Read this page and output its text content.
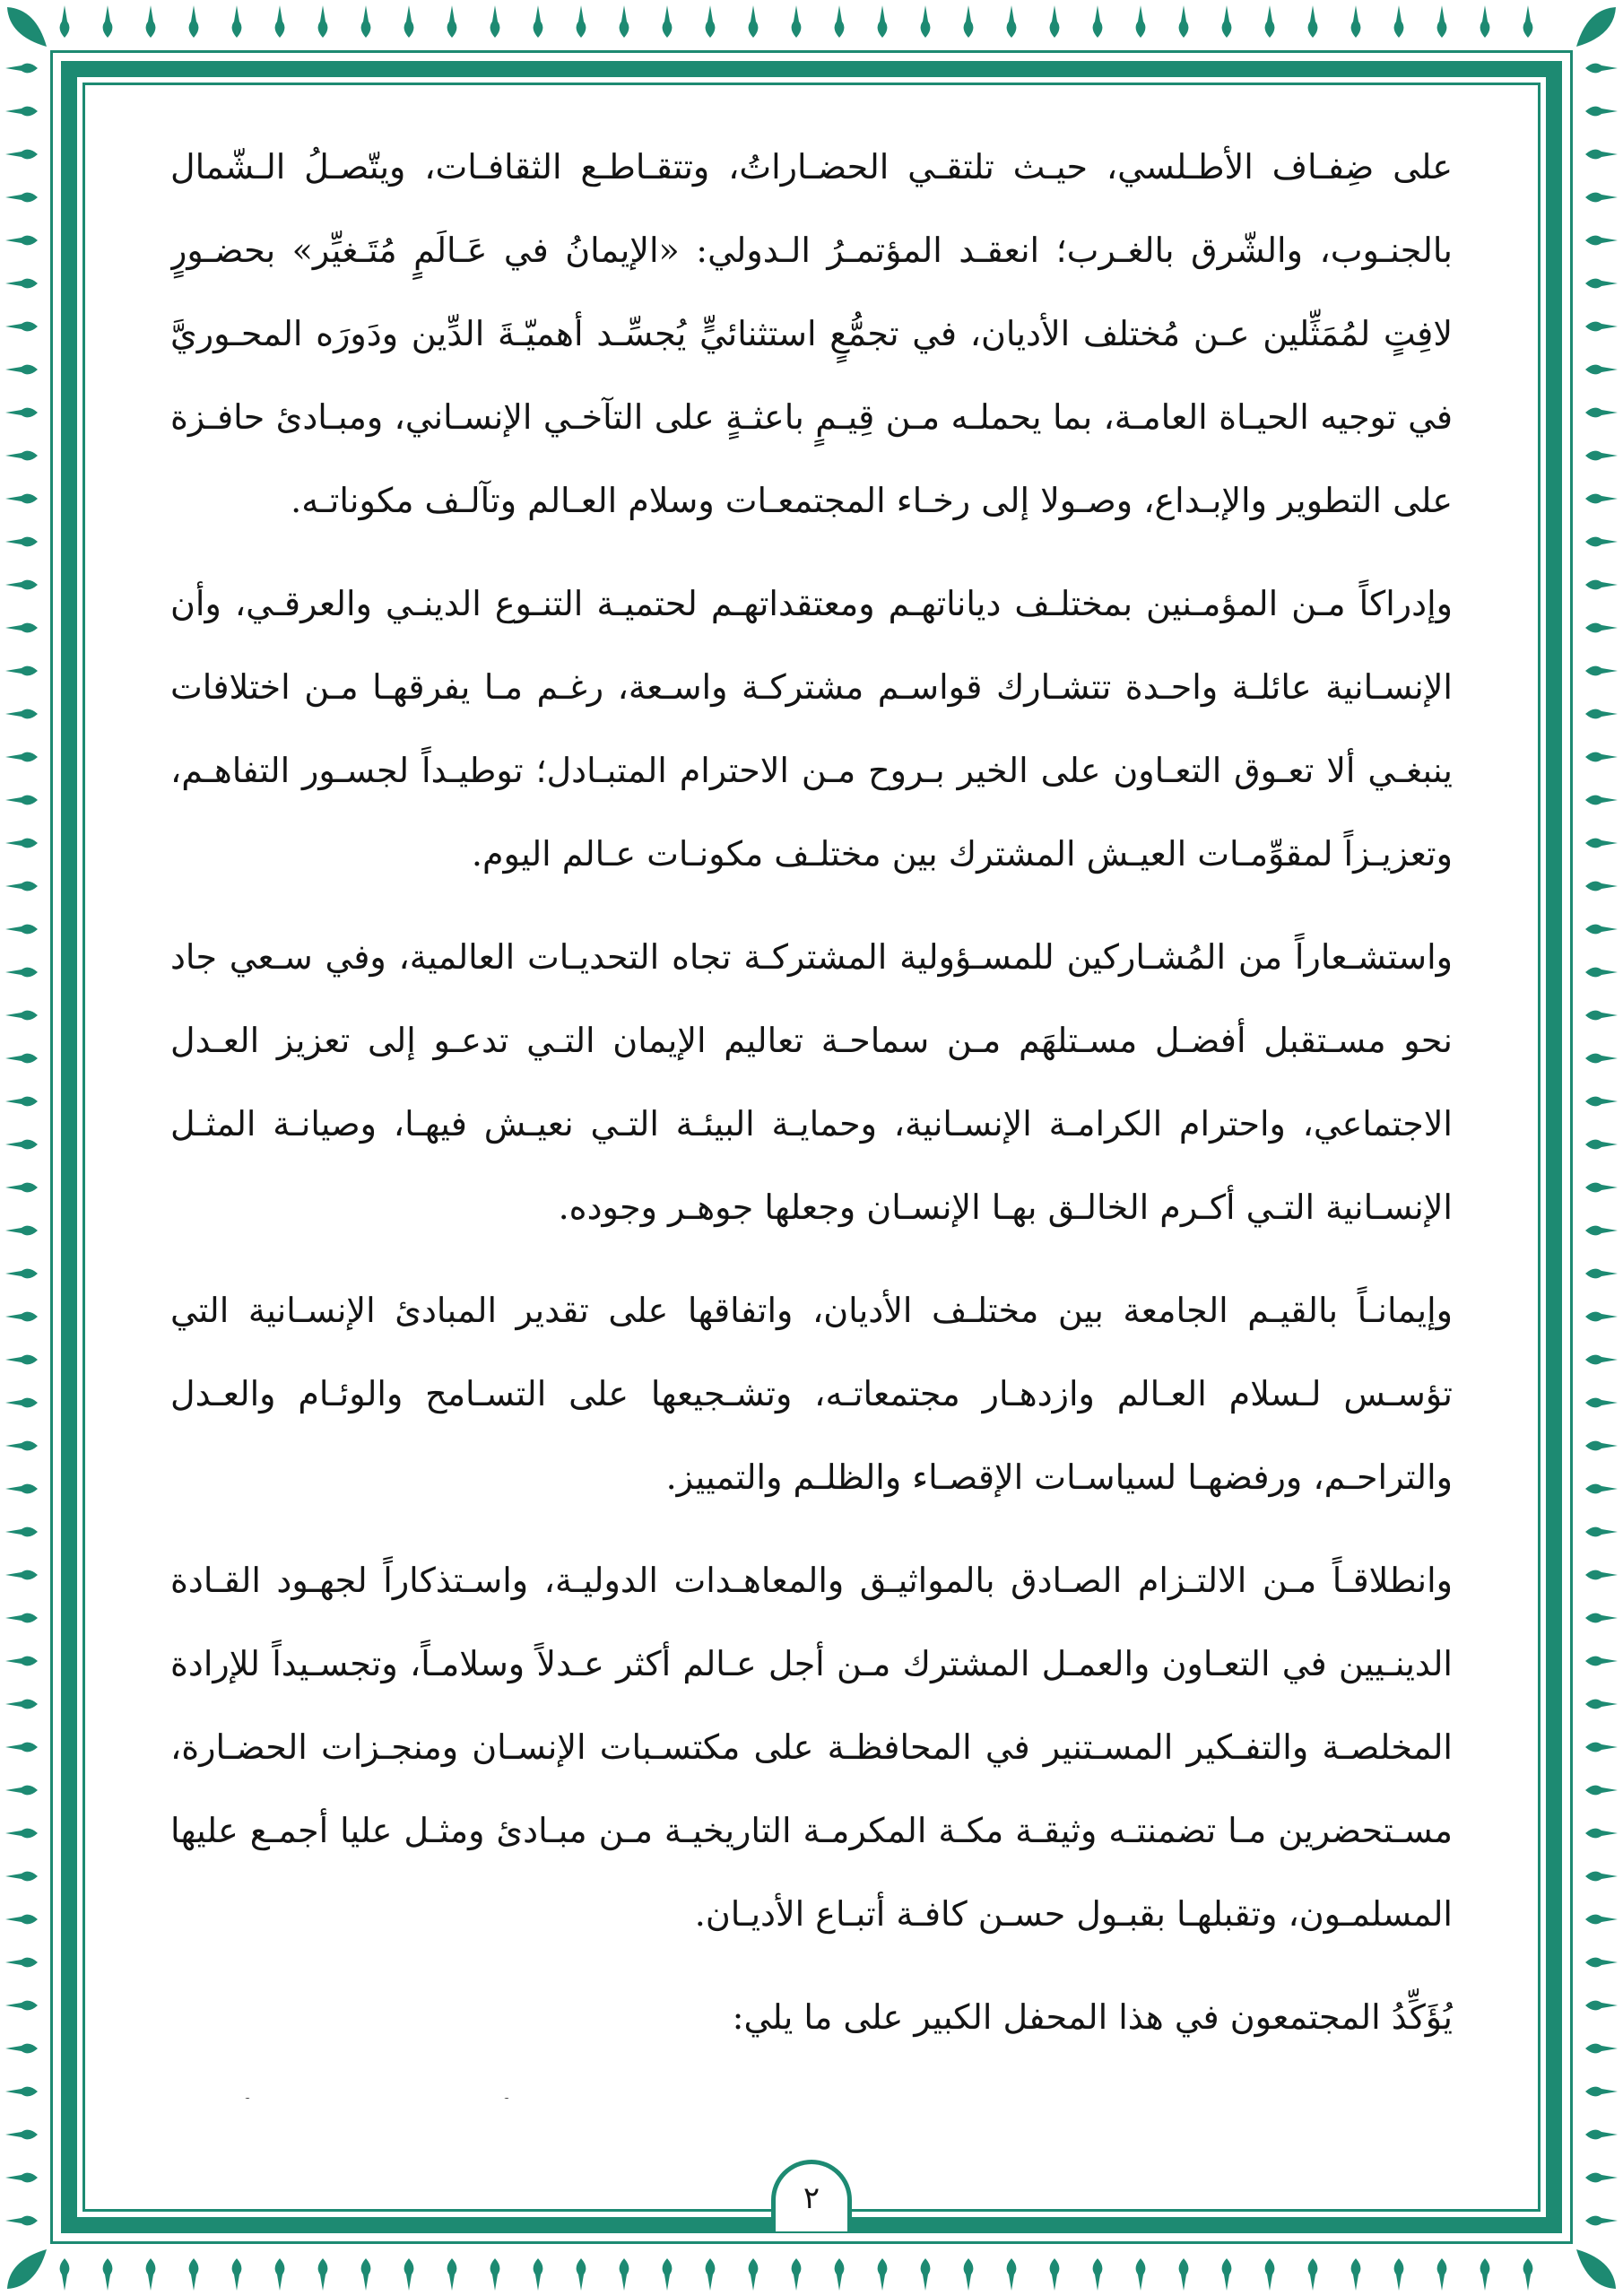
على ضِفـاف الأطـلسي، حيـث تلتقـي الحضـاراتُ، وتتقـاطـع الثقافـات، ويتّصـلُ الـشّمال بالجنـوب، والشّرق بالغـرب؛ انعقـد المؤتمـرُ الـدولي: «الإيمانُ في عَـالَمٍ مُتَـغيِّر» بحضـورٍ لافِتٍ لمُمَثِّلين عـن مُختلف الأديان، في تجمُّعٍ استثنائيٍّ يُجسِّـد أهميّـةَ الدِّين ودَورَه المحـوريَّ في توجيه الحيـاة العامـة، بما يحملـه مـن قِيـمٍ باعثـةٍ على التآخـي الإنسـاني، ومبـادئ حافـزة على التطوير والإبـداع، وصـولا إلى رخـاء المجتمعـات وسلام العـالم وتآلـف مكوناتـه.

وإدراكاً مـن المؤمـنين بمختلـف دياناتهـم ومعتقداتهـم لحتميـة التنـوع الدينـي والعرقـي، وأن الإنسـانية عائلـة واحـدة تتشـارك قواسـم مشتركـة واسـعة، رغـم مـا يفرقهـا مـن اختلافات ينبغـي ألا تعـوق التعـاون على الخير بـروح مـن الاحترام المتبـادل؛ توطيـداً لجسـور التفاهـم، وتعزيـزاً لمقوِّمـات العيـش المشترك بين مختلـف مكونـات عـالم اليوم.

واستشـعاراً من المُشـاركين للمسـؤولية المشتركـة تجاه التحديـات العالمية، وفي سـعي جاد نحو مسـتقبل أفضـل مسـتلهَم مـن سماحـة تعاليم الإيمان التـي تدعـو إلى تعزيز العـدل الاجتماعي، واحترام الكرامـة الإنسـانية، وحمايـة البيئـة التـي نعيـش فيهـا، وصيانـة المثـل الإنسـانية التـي أكـرم الخالـق بهـا الإنسـان وجعلها جوهـر وجوده.

وإيمانـاً بالقيـم الجامعة بين مختلـف الأديان، واتفاقها على تقدير المبادئ الإنسـانية التي تؤسـس لـسلام العـالم وازدهـار مجتمعاتـه، وتشـجيعها على التسـامح والوئـام والعـدل والتراحـم، ورفضهـا لسياسـات الإقصـاء والظلـم والتمييز.

وانطلاقـاً مـن الالتـزام الصـادق بالمواثيـق والمعاهـدات الدوليـة، واسـتذكاراً لجهـود القـادة الدينـيين في التعـاون والعمـل المشترك مـن أجل عـالم أكثر عـدلاً وسلامـاً، وتجسـيداً للإرادة المخلصـة والتفـكير المسـتنير في المحافظـة على مكتسـبات الإنسـان ومنجـزات الحضـارة، مسـتحضرين مـا تضمنتـه وثيقـة مكـة المكرمـة التاريخيـة مـن مبـادئ ومثـل عليا أجمـع عليها المسلمـون، وتقبلهـا بقبـول حسـن كافـة أتبـاع الأديـان.

يُؤَكِّدُ المجتمعون في هذا المحفل الكبير على ما يلي:

٢
